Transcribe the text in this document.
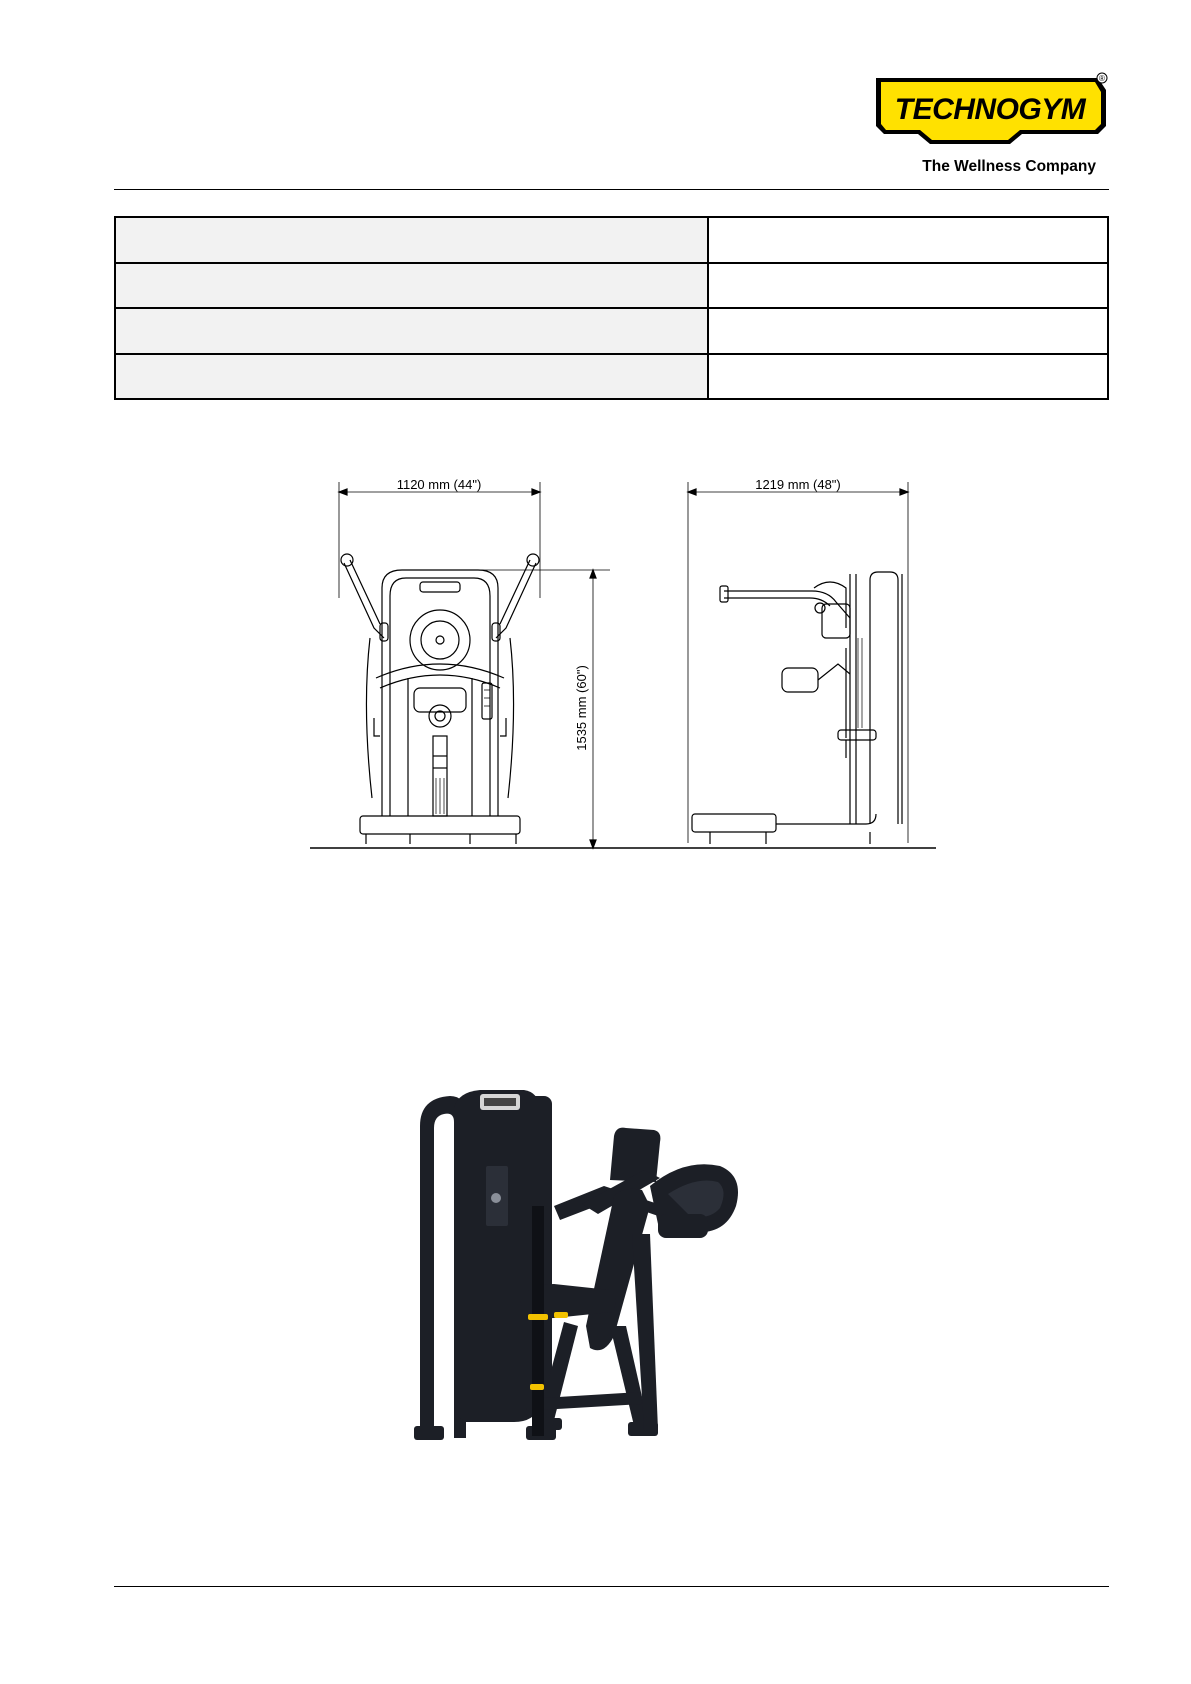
TECHNOGYM
®
The Wellness Company

1120 mm (44")
1535 mm (60")
1219 mm (48")
